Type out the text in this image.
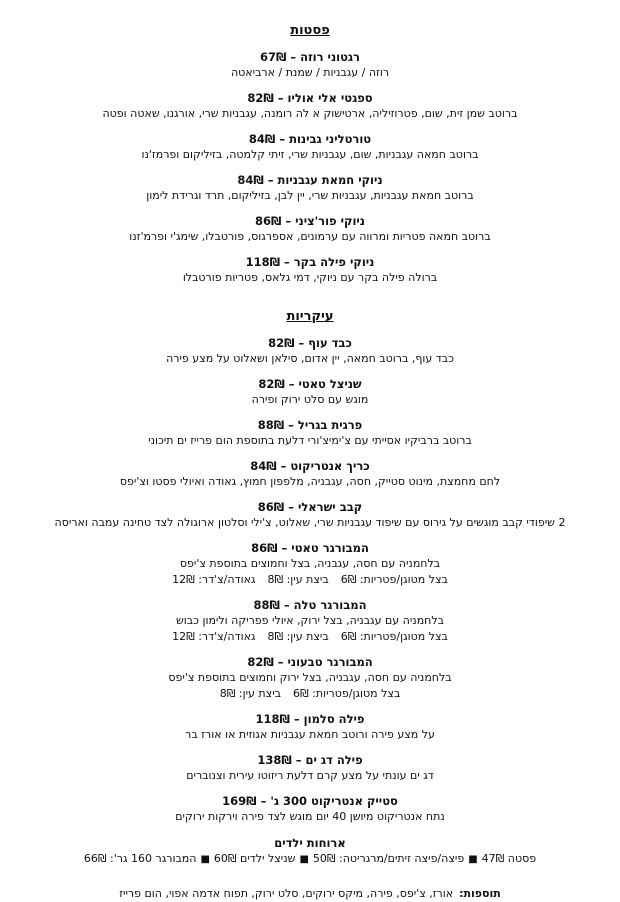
פסטות
רגטוני רוזה – 67₪
רוזה / עגבניות / שמנת / ארביאטה
ספגטי אלי אוליו – 82₪
ברוטב שמן זית, שום, פטרוזיליה, ארטישוק א לה רומנה, עגבניות שרי, אורגנו, שאטה ופטה
טורטליני גבינות – 84₪
ברוטב חמאה עגבניות, שום, עגבניות שרי, זיתי קלמטה, בזיליקום ופרמז'נו
ניוקי חמאת עגבניות – 84₪
ברוטב חמאת עגבניות, עגבניות שרי, יין לבן, בזיליקום, תרד וגרידת לימון
ניוקי פור'ציני – 86₪
ברוטב חמאה פטריות ומרווה עם ערמונים, אספרגוס, פורטבלו, שימג'י ופרמ'זנו
ניוקי פילה בקר – 118₪
ברולה פילה בקר עם ניוקי, דמי גלאס, פטריות פורטבלו
עיקריות
כבד עוף – 82₪
כבד עוף, ברוטב חמאה, יין אדום, סילאן ושאלוט על מצע פירה
שניצל טאטי – 82₪
מוגש עם סלט ירוק ופירה
פרגית בגריל – 88₪
ברוטב ברביקיו אסייתי עם צ'ימיצ'ורי דלעת בתוספת הום פרייז ים תיכוני
כריך אנטריקוט – 84₪
לחם מחמצת, מינוט סטייק, חסה, עגבניה, מלפפון חמוץ, גאודה ואיולי פסטו וצ'יפס
קבב ישראלי – 86₪
2 שיפודי קבב מוגשים על גירוס עם שיפוד עגבניות שרי, שאלוט, צ'ילי וסלטון ארוגולה לצד טחינה עמבה ואריסה
המבורגר טאטי – 86₪
בלחמניה עם חסה, עגבניה, בצל וחמוצים בתוספת צ'יפס
בצל מטוגן/פטריות: 6₪ביצת עין: 8₪גאודה/צ'דר: 12₪
המבורגר טלה – 88₪
בלחמניה עם עגבניה, בצל ירוק, איולי פפריקה ולימון כבוש
בצל מטוגן/פטריות: 6₪ביצת עין: 8₪גאודה/צ'דר: 12₪
המבורגר טבעוני – 82₪
בלחמניה עם חסה, עגבניה, בצל ירוק וחמוצים בתוספת צ'יפס
בצל מטוגן/פטריות: 6₪ביצת עין: 8₪
פילה סלמון – 118₪
על מצע פירה ורוטב חמאת עגבניות אגוזית או אורז בר
פילה דג ים – 138₪
דג ים עונתי על מצע קרם דלעת ריזוטו עירית וצנוברים
סטייק אנטריקוט 300 ג' – 169₪
נתח אנטריקוט מיושן 40 יום מוגש לצד פירה וירקות ירוקים
ארוחות ילדים
פסטה 47₪■פיצה/פיצה זיתים/מרגריטה: 50₪■שניצל ילדים 60₪■המבורגר 160 גר': 66₪
תוספות:אורז, צ'יפס, פירה, מיקס ירוקים, סלט ירוק, תפוח אדמה אפוי, הום פרייז
